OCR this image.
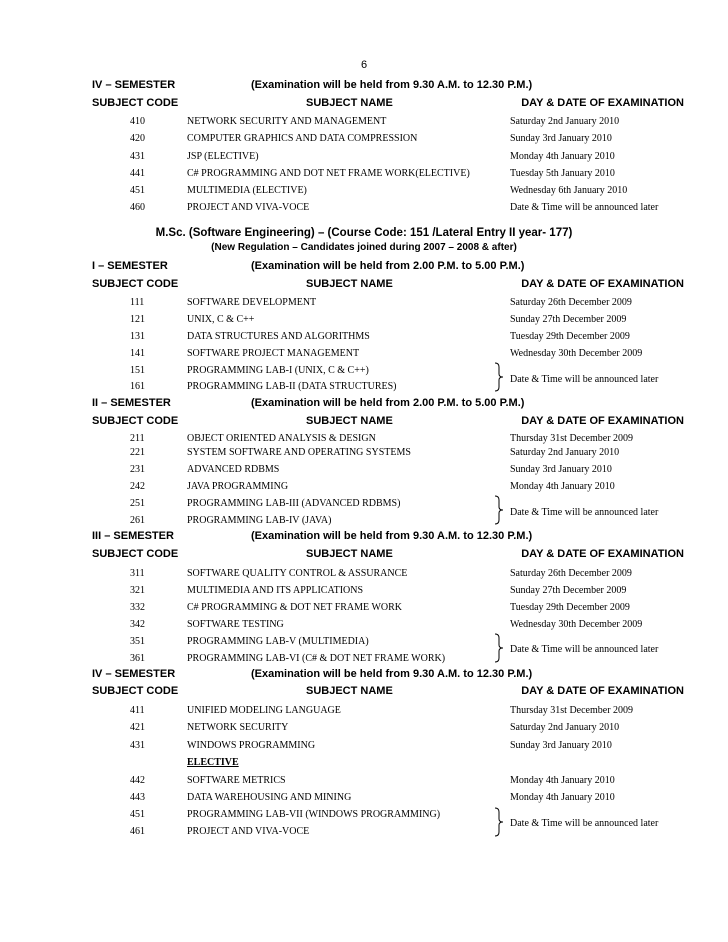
6
IV – SEMESTER	(Examination will be held from 9.30 A.M. to 12.30 P.M.)
SUBJECT CODE	SUBJECT NAME	DAY & DATE OF EXAMINATION
410	NETWORK SECURITY AND MANAGEMENT	Saturday 2nd January 2010
420	COMPUTER GRAPHICS AND DATA COMPRESSION	Sunday 3rd January 2010
431	JSP (ELECTIVE)	Monday 4th January 2010
441	C# PROGRAMMING AND DOT NET FRAME WORK(ELECTIVE)	Tuesday 5th January 2010
451	MULTIMEDIA (ELECTIVE)	Wednesday 6th January 2010
460	PROJECT AND VIVA-VOCE	Date & Time will be announced later
M.Sc. (Software Engineering) – (Course Code: 151 /Lateral Entry II year- 177)
(New Regulation – Candidates joined during 2007 – 2008 & after)
I – SEMESTER	(Examination will be held from 2.00 P.M. to 5.00 P.M.)
SUBJECT CODE	SUBJECT NAME	DAY & DATE OF EXAMINATION
111	SOFTWARE DEVELOPMENT	Saturday 26th December 2009
121	UNIX, C & C++	Sunday 27th December 2009
131	DATA STRUCTURES AND ALGORITHMS	Tuesday 29th December 2009
141	SOFTWARE PROJECT MANAGEMENT	Wednesday 30th December 2009
151	PROGRAMMING LAB-I (UNIX, C & C++)
161	PROGRAMMING LAB-II (DATA STRUCTURES)
Date & Time will be announced later
II – SEMESTER	(Examination will be held from 2.00 P.M. to 5.00 P.M.)
SUBJECT CODE	SUBJECT NAME	DAY & DATE OF EXAMINATION
211	OBJECT ORIENTED ANALYSIS & DESIGN	Thursday 31st December 2009
221	SYSTEM SOFTWARE AND OPERATING SYSTEMS	Saturday 2nd January 2010
231	ADVANCED RDBMS	Sunday 3rd January 2010
242	JAVA PROGRAMMING	Monday 4th January 2010
251	PROGRAMMING LAB-III (ADVANCED RDBMS)
261	PROGRAMMING LAB-IV (JAVA)
Date & Time will be announced later
III – SEMESTER	(Examination will be held from 9.30 A.M. to 12.30 P.M.)
SUBJECT CODE	SUBJECT NAME	DAY & DATE OF EXAMINATION
311	SOFTWARE QUALITY CONTROL & ASSURANCE	Saturday 26th December 2009
321	MULTIMEDIA AND ITS APPLICATIONS	Sunday 27th December 2009
332	C# PROGRAMMING & DOT NET FRAME WORK	Tuesday 29th December 2009
342	SOFTWARE TESTING	Wednesday 30th December 2009
351	PROGRAMMING LAB-V (MULTIMEDIA)
361	PROGRAMMING LAB-VI (C# & DOT NET FRAME WORK)
Date & Time will be announced later
IV – SEMESTER	(Examination will be held from 9.30 A.M. to 12.30 P.M.)
SUBJECT CODE	SUBJECT NAME	DAY & DATE OF EXAMINATION
411	UNIFIED MODELING LANGUAGE	Thursday 31st December 2009
421	NETWORK SECURITY	Saturday 2nd January 2010
431	WINDOWS PROGRAMMING	Sunday 3rd January 2010
ELECTIVE
442	SOFTWARE METRICS	Monday 4th January 2010
443	DATA WAREHOUSING AND MINING	Monday 4th January 2010
451	PROGRAMMING LAB-VII (WINDOWS PROGRAMMING)
461	PROJECT AND VIVA-VOCE
Date & Time will be announced later
